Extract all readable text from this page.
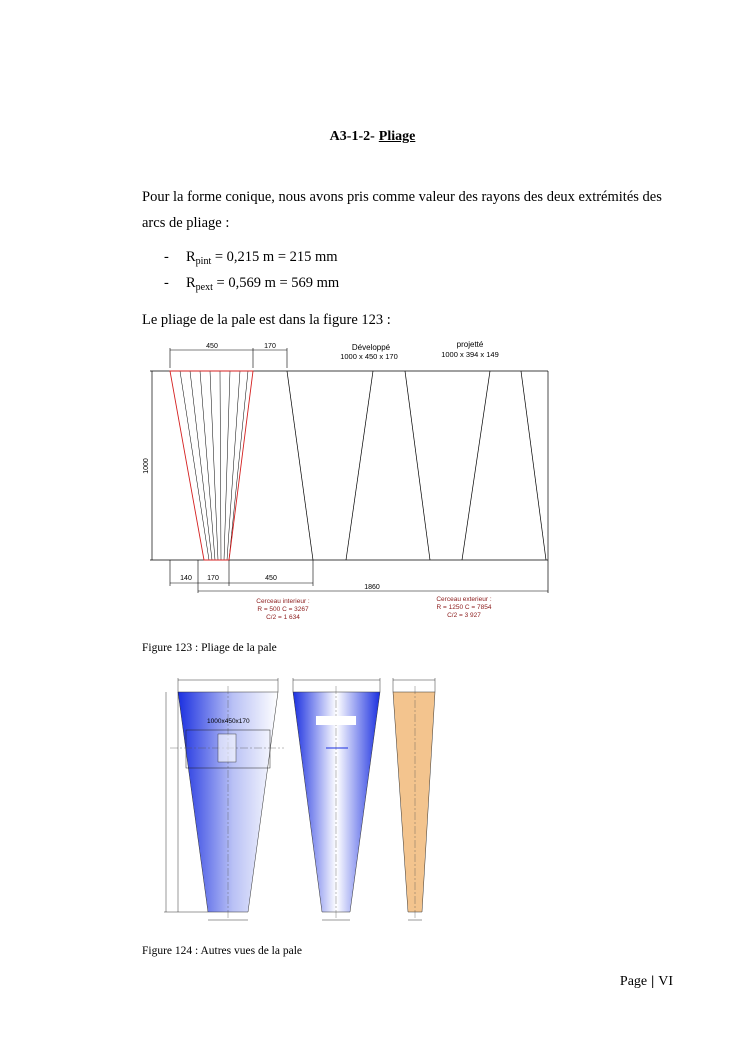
A3-1-2- Pliage
Pour la forme conique, nous avons pris comme valeur des rayons des deux extrémités des arcs de pliage :
- $R_{pint} = 0,215$ m = 215 mm
- $R_{pext} = 0,569$ m = 569 mm
Le pliage de la pale est dans la figure 123 :
450	170	Développé
1000 x 450 x 170
projetté
1000 x 394 x 149
1000
140 170	450
1860
Cerceau interieur :
R = 500 C = 3267
C/2 = 1 634
Cerceau exterieur :
R = 1250 C = 7854
C/2 = 3 927
Figure 123 : Pliage de la pale
1000x450x170
Figure 124 : Autres vues de la pale
Page | VI
